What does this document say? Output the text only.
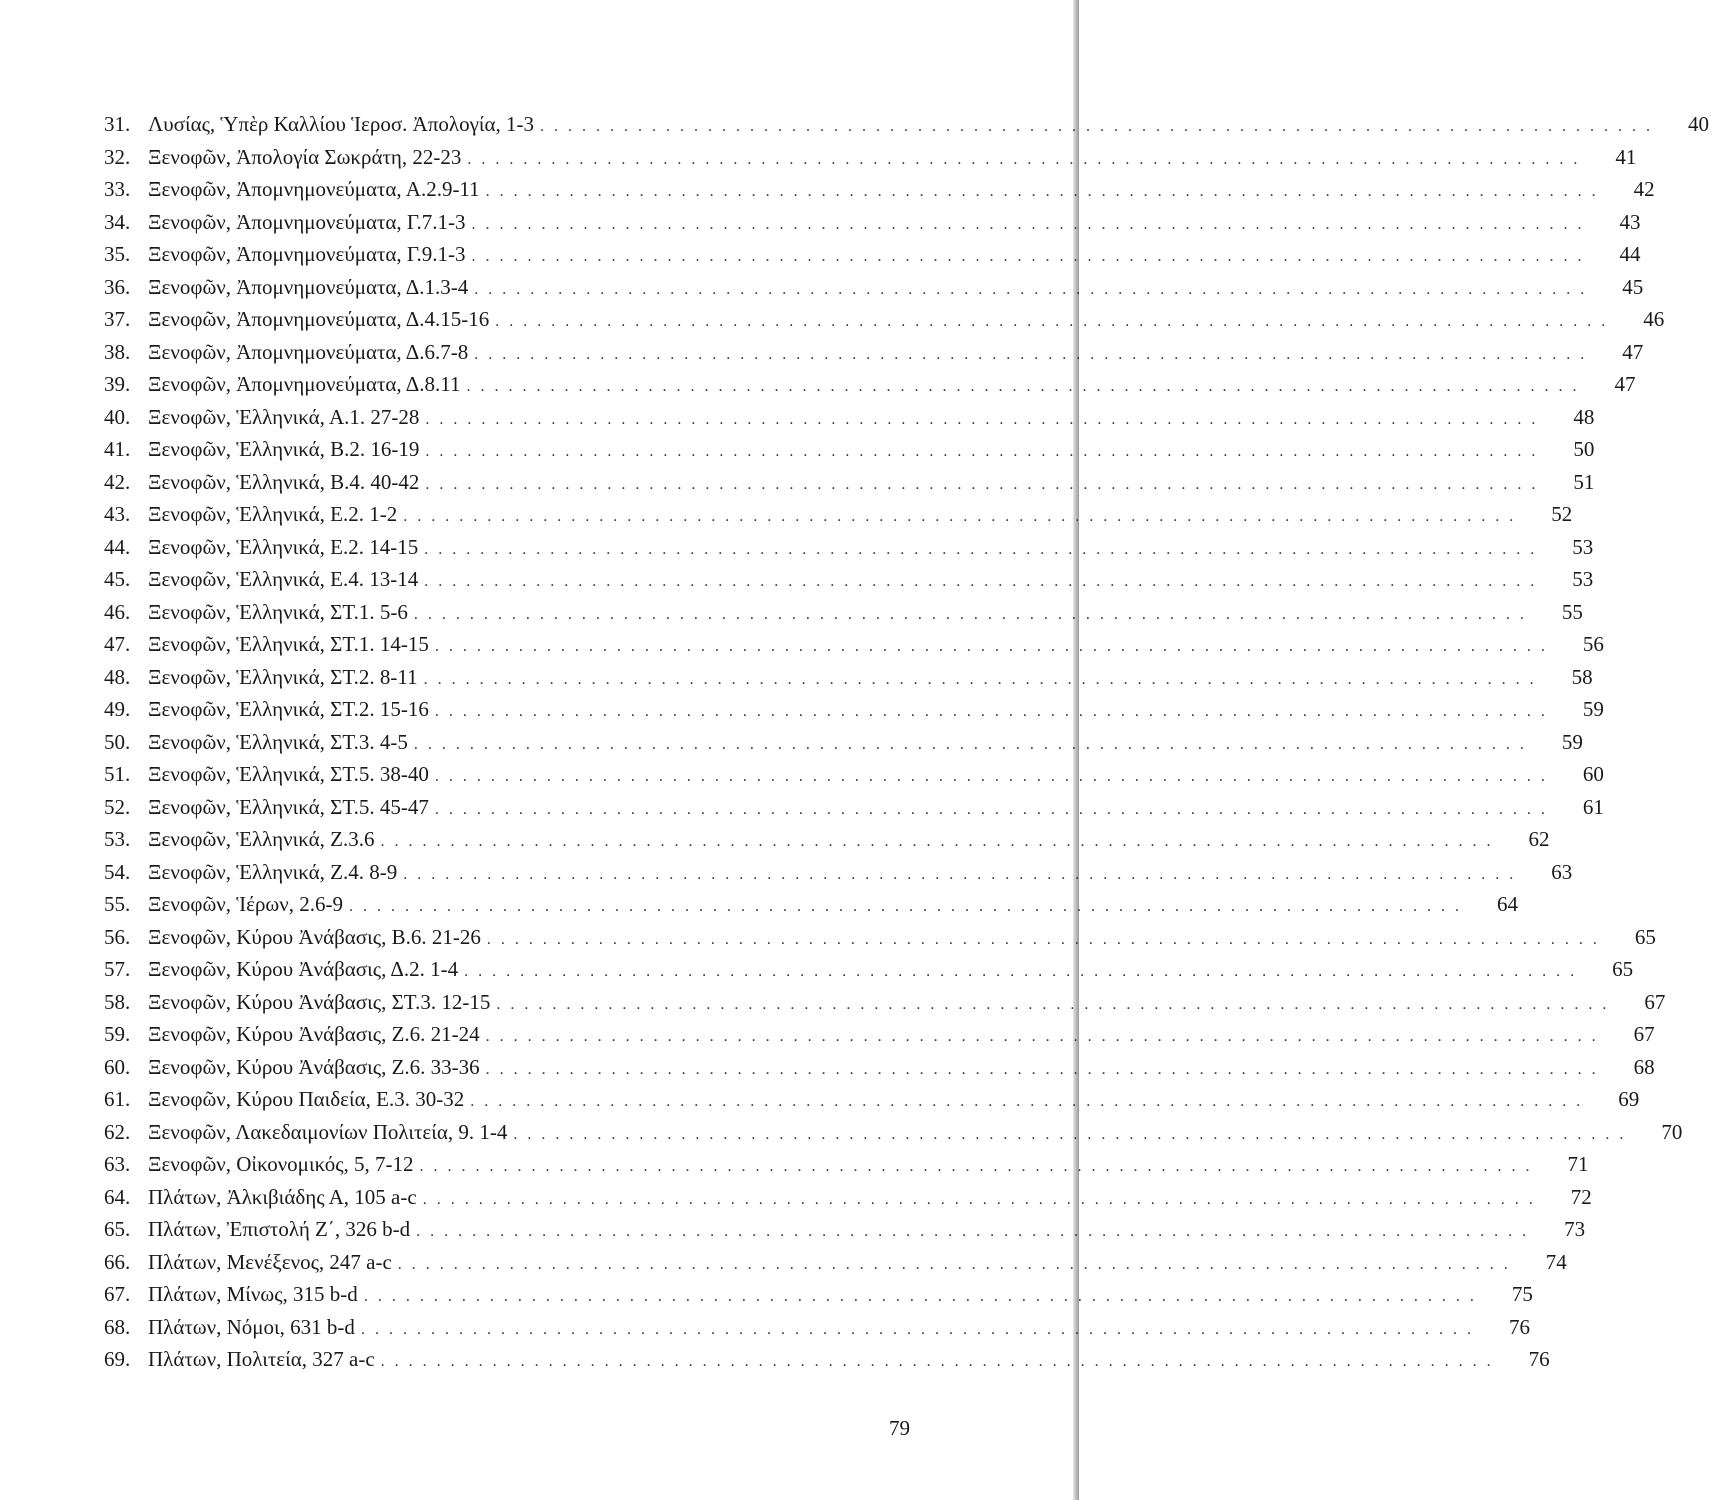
31. Λυσίας, Ὑπὲρ Καλλίου Ἱεροσ. Ἀπολογία, 1-3 . . . . . . . . . . . . . . . . . . . . . . . . . . . . . . . . . . . . . . . . . . . . . . . . . . . . . . . . . . . . . . . . . . . . . . . . . . . . . . . .	40
32. Ξενοφῶν, Ἀπολογία Σωκράτη, 22-23 . . . . . . . . . . . . . . . . . . . . . . . . . . . . . . . . . . . . . . . . . . . . . . . . . . . . . . . . . . . . . . . . . . . . . . . . . . . . . . . .	41
33. Ξενοφῶν, Ἀπομνημονεύματα, Α.2.9-11 . . . . . . . . . . . . . . . . . . . . . . . . . . . . . . . . . . . . . . . . . . . . . . . . . . . . . . . . . . . . . . . . . . . . . . . . . . . . . . . .	42
34. Ξενοφῶν, Ἀπομνημονεύματα, Γ.7.1-3 . . . . . . . . . . . . . . . . . . . . . . . . . . . . . . . . . . . . . . . . . . . . . . . . . . . . . . . . . . . . . . . . . . . . . . . . . . . . . . . .	43
35. Ξενοφῶν, Ἀπομνημονεύματα, Γ.9.1-3 . . . . . . . . . . . . . . . . . . . . . . . . . . . . . . . . . . . . . . . . . . . . . . . . . . . . . . . . . . . . . . . . . . . . . . . . . . . . . . . .	44
36. Ξενοφῶν, Ἀπομνημονεύματα, Δ.1.3-4 . . . . . . . . . . . . . . . . . . . . . . . . . . . . . . . . . . . . . . . . . . . . . . . . . . . . . . . . . . . . . . . . . . . . . . . . . . . . . . . .	45
37. Ξενοφῶν, Ἀπομνημονεύματα, Δ.4.15-16 . . . . . . . . . . . . . . . . . . . . . . . . . . . . . . . . . . . . . . . . . . . . . . . . . . . . . . . . . . . . . . . . . . . . . . . . . . . . . . . .	46
38. Ξενοφῶν, Ἀπομνημονεύματα, Δ.6.7-8 . . . . . . . . . . . . . . . . . . . . . . . . . . . . . . . . . . . . . . . . . . . . . . . . . . . . . . . . . . . . . . . . . . . . . . . . . . . . . . . .	47
39. Ξενοφῶν, Ἀπομνημονεύματα, Δ.8.11 . . . . . . . . . . . . . . . . . . . . . . . . . . . . . . . . . . . . . . . . . . . . . . . . . . . . . . . . . . . . . . . . . . . . . . . . . . . . . . . .	47
40. Ξενοφῶν, Ἑλληνικά, Α.1. 27-28 . . . . . . . . . . . . . . . . . . . . . . . . . . . . . . . . . . . . . . . . . . . . . . . . . . . . . . . . . . . . . . . . . . . . . . . . . . . . . . . .	48
41. Ξενοφῶν, Ἑλληνικά, Β.2. 16-19 . . . . . . . . . . . . . . . . . . . . . . . . . . . . . . . . . . . . . . . . . . . . . . . . . . . . . . . . . . . . . . . . . . . . . . . . . . . . . . . .	50
42. Ξενοφῶν, Ἑλληνικά, Β.4. 40-42 . . . . . . . . . . . . . . . . . . . . . . . . . . . . . . . . . . . . . . . . . . . . . . . . . . . . . . . . . . . . . . . . . . . . . . . . . . . . . . . .	51
43. Ξενοφῶν, Ἑλληνικά, Ε.2. 1-2 . . . . . . . . . . . . . . . . . . . . . . . . . . . . . . . . . . . . . . . . . . . . . . . . . . . . . . . . . . . . . . . . . . . . . . . . . . . . . . . .	52
44. Ξενοφῶν, Ἑλληνικά, Ε.2. 14-15 . . . . . . . . . . . . . . . . . . . . . . . . . . . . . . . . . . . . . . . . . . . . . . . . . . . . . . . . . . . . . . . . . . . . . . . . . . . . . . . .	53
45. Ξενοφῶν, Ἑλληνικά, Ε.4. 13-14 . . . . . . . . . . . . . . . . . . . . . . . . . . . . . . . . . . . . . . . . . . . . . . . . . . . . . . . . . . . . . . . . . . . . . . . . . . . . . . . .	53
46. Ξενοφῶν, Ἑλληνικά, ΣΤ.1. 5-6 . . . . . . . . . . . . . . . . . . . . . . . . . . . . . . . . . . . . . . . . . . . . . . . . . . . . . . . . . . . . . . . . . . . . . . . . . . . . . . . .	55
47. Ξενοφῶν, Ἑλληνικά, ΣΤ.1. 14-15 . . . . . . . . . . . . . . . . . . . . . . . . . . . . . . . . . . . . . . . . . . . . . . . . . . . . . . . . . . . . . . . . . . . . . . . . . . . . . . . .	56
48. Ξενοφῶν, Ἑλληνικά, ΣΤ.2. 8-11 . . . . . . . . . . . . . . . . . . . . . . . . . . . . . . . . . . . . . . . . . . . . . . . . . . . . . . . . . . . . . . . . . . . . . . . . . . . . . . . .	58
49. Ξενοφῶν, Ἑλληνικά, ΣΤ.2. 15-16 . . . . . . . . . . . . . . . . . . . . . . . . . . . . . . . . . . . . . . . . . . . . . . . . . . . . . . . . . . . . . . . . . . . . . . . . . . . . . . . .	59
50. Ξενοφῶν, Ἑλληνικά, ΣΤ.3. 4-5 . . . . . . . . . . . . . . . . . . . . . . . . . . . . . . . . . . . . . . . . . . . . . . . . . . . . . . . . . . . . . . . . . . . . . . . . . . . . . . . .	59
51. Ξενοφῶν, Ἑλληνικά, ΣΤ.5. 38-40 . . . . . . . . . . . . . . . . . . . . . . . . . . . . . . . . . . . . . . . . . . . . . . . . . . . . . . . . . . . . . . . . . . . . . . . . . . . . . . . .	60
52. Ξενοφῶν, Ἑλληνικά, ΣΤ.5. 45-47 . . . . . . . . . . . . . . . . . . . . . . . . . . . . . . . . . . . . . . . . . . . . . . . . . . . . . . . . . . . . . . . . . . . . . . . . . . . . . . . .	61
53. Ξενοφῶν, Ἑλληνικά, Ζ.3.6 . . . . . . . . . . . . . . . . . . . . . . . . . . . . . . . . . . . . . . . . . . . . . . . . . . . . . . . . . . . . . . . . . . . . . . . . . . . . . . . .	62
54. Ξενοφῶν, Ἑλληνικά, Ζ.4. 8-9 . . . . . . . . . . . . . . . . . . . . . . . . . . . . . . . . . . . . . . . . . . . . . . . . . . . . . . . . . . . . . . . . . . . . . . . . . . . . . . . .	63
55. Ξενοφῶν, Ἱέρων, 2.6-9 . . . . . . . . . . . . . . . . . . . . . . . . . . . . . . . . . . . . . . . . . . . . . . . . . . . . . . . . . . . . . . . . . . . . . . . . . . . . . . . .	64
56. Ξενοφῶν, Κύρου Ἀνάβασις, Β.6. 21-26 . . . . . . . . . . . . . . . . . . . . . . . . . . . . . . . . . . . . . . . . . . . . . . . . . . . . . . . . . . . . . . . . . . . . . . . . . . . . . . . .	65
57. Ξενοφῶν, Κύρου Ἀνάβασις, Δ.2. 1-4 . . . . . . . . . . . . . . . . . . . . . . . . . . . . . . . . . . . . . . . . . . . . . . . . . . . . . . . . . . . . . . . . . . . . . . . . . . . . . . . .	65
58. Ξενοφῶν, Κύρου Ἀνάβασις, ΣΤ.3. 12-15 . . . . . . . . . . . . . . . . . . . . . . . . . . . . . . . . . . . . . . . . . . . . . . . . . . . . . . . . . . . . . . . . . . . . . . . . . . . . . . . .	67
59. Ξενοφῶν, Κύρου Ἀνάβασις, Ζ.6. 21-24 . . . . . . . . . . . . . . . . . . . . . . . . . . . . . . . . . . . . . . . . . . . . . . . . . . . . . . . . . . . . . . . . . . . . . . . . . . . . . . . .	67
60. Ξενοφῶν, Κύρου Ἀνάβασις, Ζ.6. 33-36 . . . . . . . . . . . . . . . . . . . . . . . . . . . . . . . . . . . . . . . . . . . . . . . . . . . . . . . . . . . . . . . . . . . . . . . . . . . . . . . .	68
61. Ξενοφῶν, Κύρου Παιδεία, Ε.3. 30-32 . . . . . . . . . . . . . . . . . . . . . . . . . . . . . . . . . . . . . . . . . . . . . . . . . . . . . . . . . . . . . . . . . . . . . . . . . . . . . . . .	69
62. Ξενοφῶν, Λακεδαιμονίων Πολιτεία, 9. 1-4 . . . . . . . . . . . . . . . . . . . . . . . . . . . . . . . . . . . . . . . . . . . . . . . . . . . . . . . . . . . . . . . . . . . . . . . . . . . . . . . .	70
63. Ξενοφῶν, Οἰκονομικός, 5, 7-12 . . . . . . . . . . . . . . . . . . . . . . . . . . . . . . . . . . . . . . . . . . . . . . . . . . . . . . . . . . . . . . . . . . . . . . . . . . . . . . . .	71
64. Πλάτων, Ἀλκιβιάδης Α, 105 a-c . . . . . . . . . . . . . . . . . . . . . . . . . . . . . . . . . . . . . . . . . . . . . . . . . . . . . . . . . . . . . . . . . . . . . . . . . . . . . . . .	72
65. Πλάτων, Ἐπιστολή Ζ΄, 326 b-d . . . . . . . . . . . . . . . . . . . . . . . . . . . . . . . . . . . . . . . . . . . . . . . . . . . . . . . . . . . . . . . . . . . . . . . . . . . . . . . .	73
66. Πλάτων, Μενέξενος, 247 a-c . . . . . . . . . . . . . . . . . . . . . . . . . . . . . . . . . . . . . . . . . . . . . . . . . . . . . . . . . . . . . . . . . . . . . . . . . . . . . . . .	74
67. Πλάτων, Μίνως, 315 b-d . . . . . . . . . . . . . . . . . . . . . . . . . . . . . . . . . . . . . . . . . . . . . . . . . . . . . . . . . . . . . . . . . . . . . . . . . . . . . . . .	75
68. Πλάτων, Νόμοι, 631 b-d . . . . . . . . . . . . . . . . . . . . . . . . . . . . . . . . . . . . . . . . . . . . . . . . . . . . . . . . . . . . . . . . . . . . . . . . . . . . . . . .	76
69. Πλάτων, Πολιτεία, 327 a-c . . . . . . . . . . . . . . . . . . . . . . . . . . . . . . . . . . . . . . . . . . . . . . . . . . . . . . . . . . . . . . . . . . . . . . . . . . . . . . . .	76
79
